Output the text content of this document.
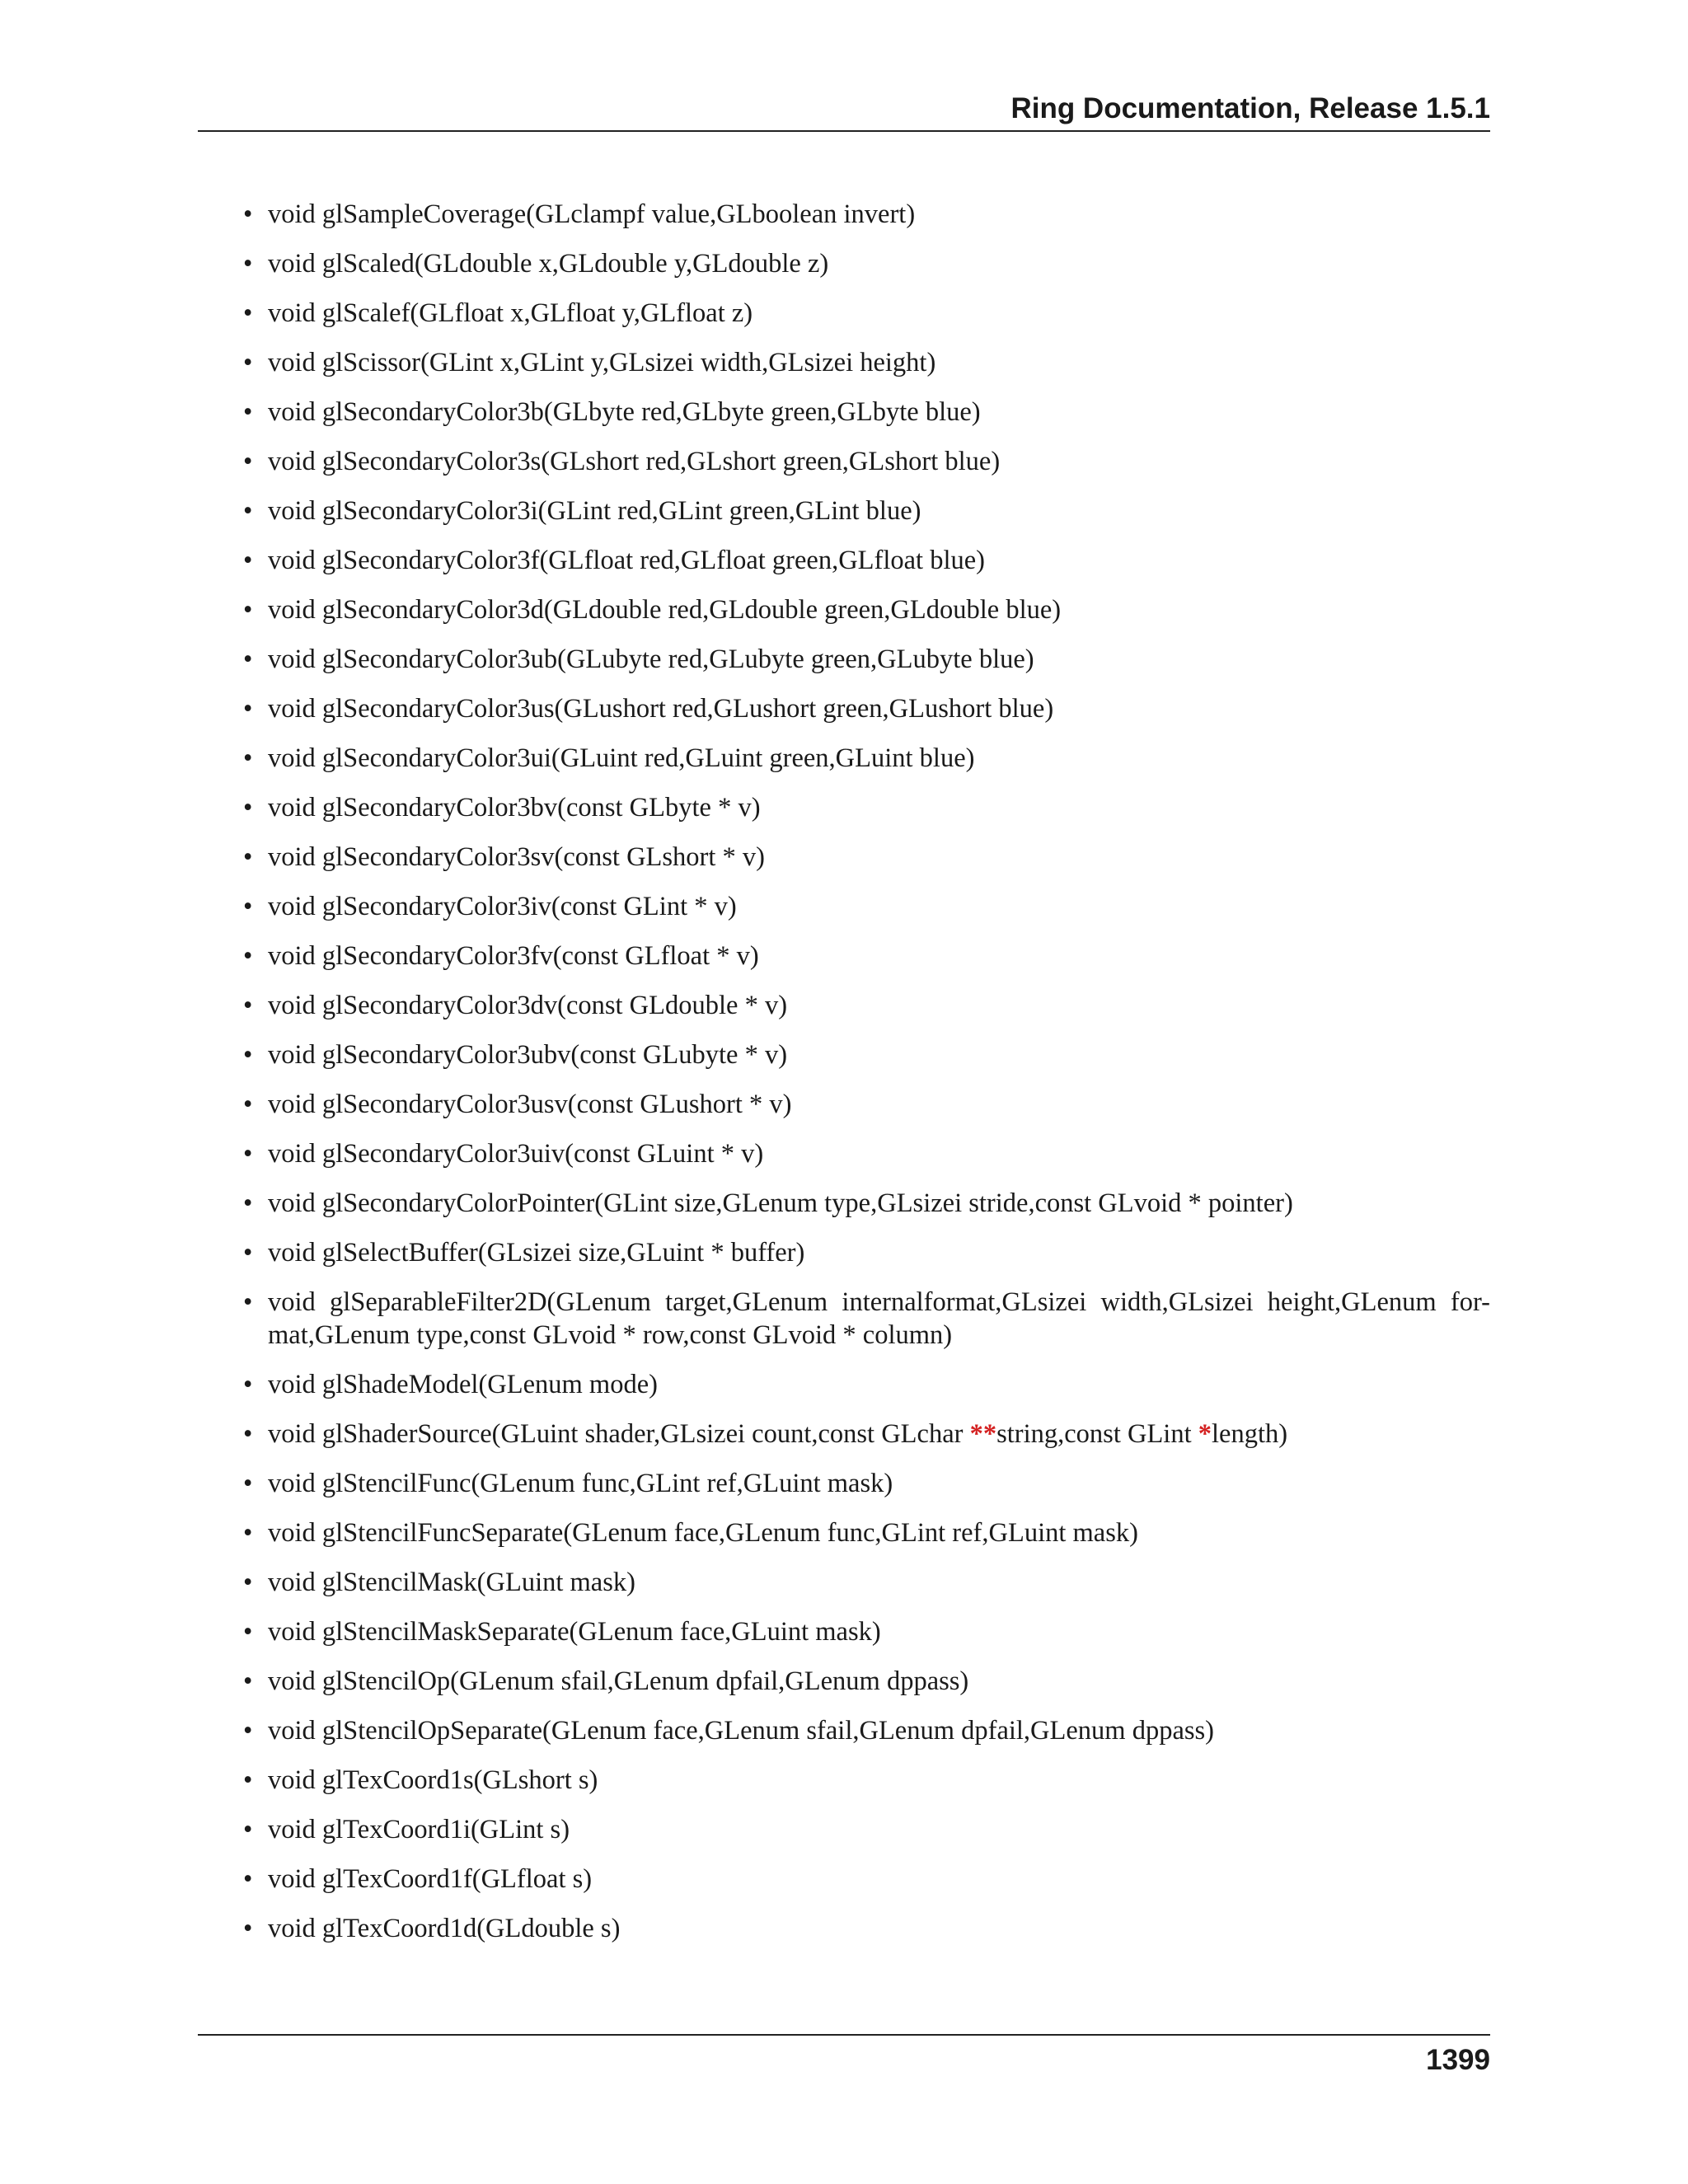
Ring Documentation, Release 1.5.1
• void glSampleCoverage(GLclampf value,GLboolean invert)
• void glScaled(GLdouble x,GLdouble y,GLdouble z)
• void glScalef(GLfloat x,GLfloat y,GLfloat z)
• void glScissor(GLint x,GLint y,GLsizei width,GLsizei height)
• void glSecondaryColor3b(GLbyte red,GLbyte green,GLbyte blue)
• void glSecondaryColor3s(GLshort red,GLshort green,GLshort blue)
• void glSecondaryColor3i(GLint red,GLint green,GLint blue)
• void glSecondaryColor3f(GLfloat red,GLfloat green,GLfloat blue)
• void glSecondaryColor3d(GLdouble red,GLdouble green,GLdouble blue)
• void glSecondaryColor3ub(GLubyte red,GLubyte green,GLubyte blue)
• void glSecondaryColor3us(GLushort red,GLushort green,GLushort blue)
• void glSecondaryColor3ui(GLuint red,GLuint green,GLuint blue)
• void glSecondaryColor3bv(const GLbyte * v)
• void glSecondaryColor3sv(const GLshort * v)
• void glSecondaryColor3iv(const GLint * v)
• void glSecondaryColor3fv(const GLfloat * v)
• void glSecondaryColor3dv(const GLdouble * v)
• void glSecondaryColor3ubv(const GLubyte * v)
• void glSecondaryColor3usv(const GLushort * v)
• void glSecondaryColor3uiv(const GLuint * v)
• void glSecondaryColorPointer(GLint size,GLenum type,GLsizei stride,const GLvoid * pointer)
• void glSelectBuffer(GLsizei size,GLuint * buffer)
• void glSeparableFilter2D(GLenum target,GLenum internalformat,GLsizei width,GLsizei height,GLenum for-mat,GLenum type,const GLvoid * row,const GLvoid * column)
• void glShadeModel(GLenum mode)
• void glShaderSource(GLuint shader,GLsizei count,const GLchar **string,const GLint *length)
• void glStencilFunc(GLenum func,GLint ref,GLuint mask)
• void glStencilFuncSeparate(GLenum face,GLenum func,GLint ref,GLuint mask)
• void glStencilMask(GLuint mask)
• void glStencilMaskSeparate(GLenum face,GLuint mask)
• void glStencilOp(GLenum sfail,GLenum dpfail,GLenum dppass)
• void glStencilOpSeparate(GLenum face,GLenum sfail,GLenum dpfail,GLenum dppass)
• void glTexCoord1s(GLshort s)
• void glTexCoord1i(GLint s)
• void glTexCoord1f(GLfloat s)
• void glTexCoord1d(GLdouble s)
1399
